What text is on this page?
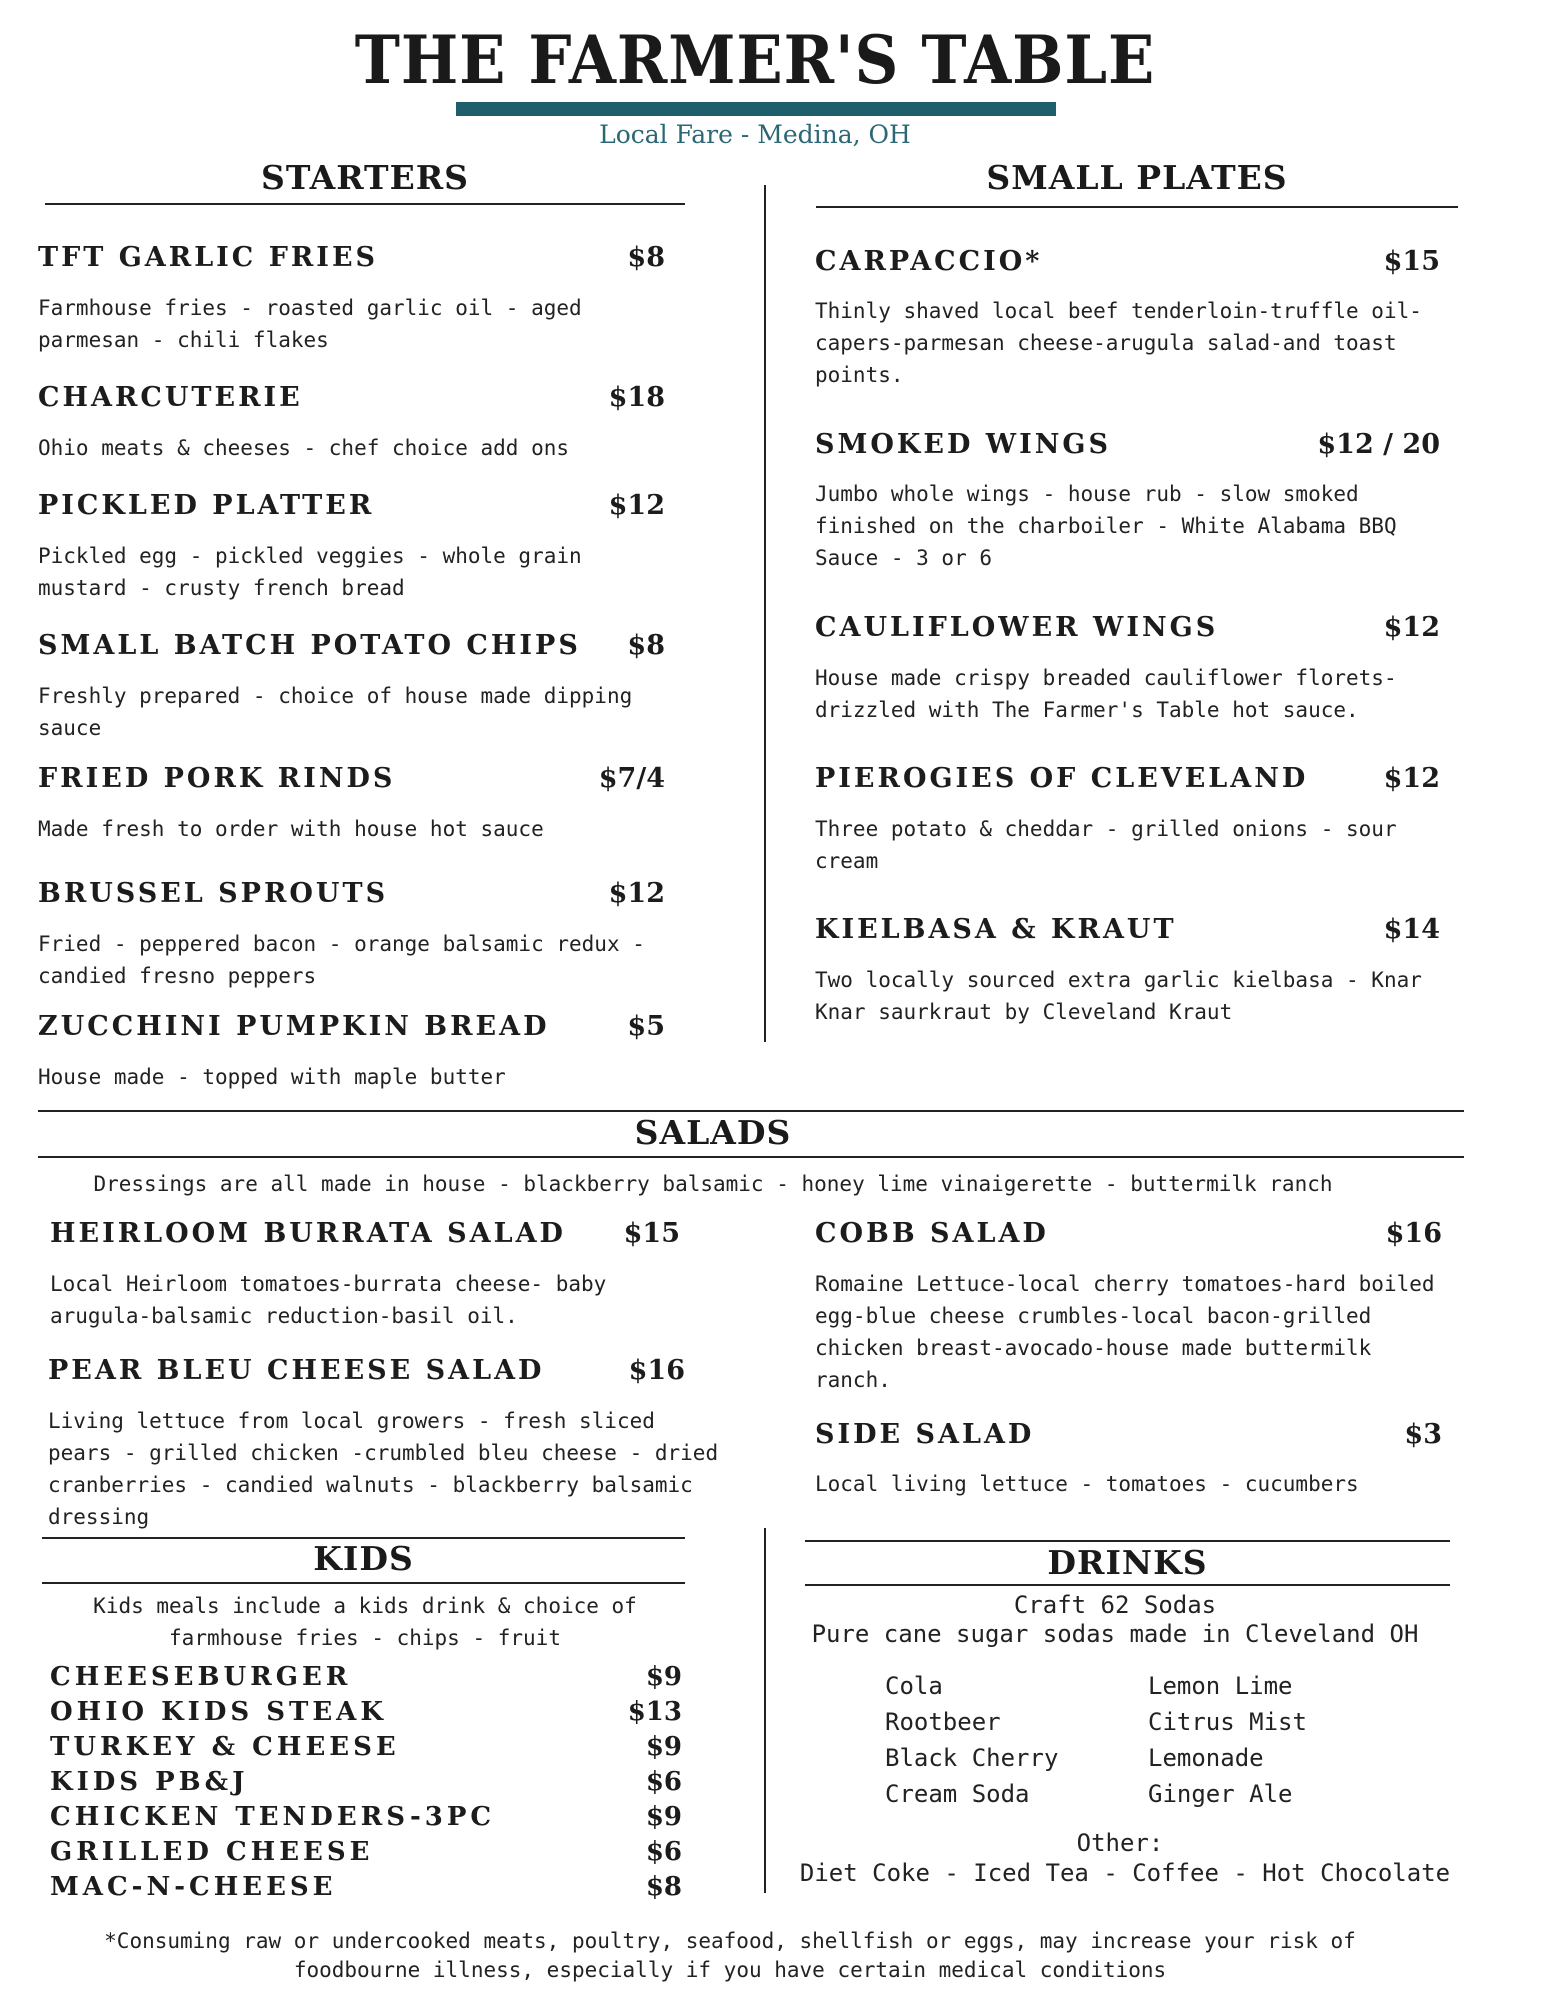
THE FARMER'S TABLE
Local Fare - Medina, OH
STARTERS
TFT GARLIC FRIES	$8
Farmhouse fries - roasted garlic oil - aged parmesan - chili flakes
CHARCUTERIE	$18
Ohio meats & cheeses - chef choice add ons
PICKLED PLATTER	$12
Pickled egg - pickled veggies - whole grain mustard - crusty french bread
SMALL BATCH POTATO CHIPS	$8
Freshly prepared - choice of house made dipping sauce
FRIED PORK RINDS	$7/4
Made fresh to order with house hot sauce
BRUSSEL SPROUTS	$12
Fried - peppered bacon - orange balsamic redux - candied fresno peppers
ZUCCHINI PUMPKIN BREAD	$5
House made - topped with maple butter
SMALL PLATES
CARPACCIO*	$15
Thinly shaved local beef tenderloin-truffle oil-capers-parmesan cheese-arugula salad-and toast points.
SMOKED WINGS	$12 / 20
Jumbo whole wings - house rub - slow smoked finished on the charboiler - White Alabama BBQ Sauce - 3 or 6
CAULIFLOWER WINGS	$12
House made crispy breaded cauliflower florets-drizzled with The Farmer's Table hot sauce.
PIEROGIES OF CLEVELAND	$12
Three potato & cheddar - grilled onions - sour cream
KIELBASA & KRAUT	$14
Two locally sourced extra garlic kielbasa - Knar Knar saurkraut by Cleveland Kraut
SALADS
Dressings are all made in house - blackberry balsamic - honey lime vinaigerette - buttermilk ranch
HEIRLOOM BURRATA SALAD	$15
Local Heirloom tomatoes-burrata cheese- baby arugula-balsamic reduction-basil oil.
PEAR BLEU CHEESE SALAD	$16
Living lettuce from local growers - fresh sliced pears - grilled chicken -crumbled bleu cheese - dried cranberries - candied walnuts - blackberry balsamic dressing
COBB SALAD	$16
Romaine Lettuce-local cherry tomatoes-hard boiled egg-blue cheese crumbles-local bacon-grilled chicken breast-avocado-house made buttermilk ranch.
SIDE SALAD	$3
Local living lettuce - tomatoes - cucumbers
KIDS
Kids meals include a kids drink & choice of farmhouse fries - chips - fruit
CHEESEBURGER	$9
OHIO KIDS STEAK	$13
TURKEY & CHEESE	$9
KIDS PB&J	$6
CHICKEN TENDERS-3PC	$9
GRILLED CHEESE	$6
MAC-N-CHEESE	$8
DRINKS
Craft 62 Sodas
Pure cane sugar sodas made in Cleveland OH
Cola
Rootbeer
Black Cherry
Cream Soda
Lemon Lime
Citrus Mist
Lemonade
Ginger Ale
Other:
Diet Coke - Iced Tea - Coffee - Hot Chocolate
*Consuming raw or undercooked meats, poultry, seafood, shellfish or eggs, may increase your risk of
foodbourne illness, especially if you have certain medical conditions
